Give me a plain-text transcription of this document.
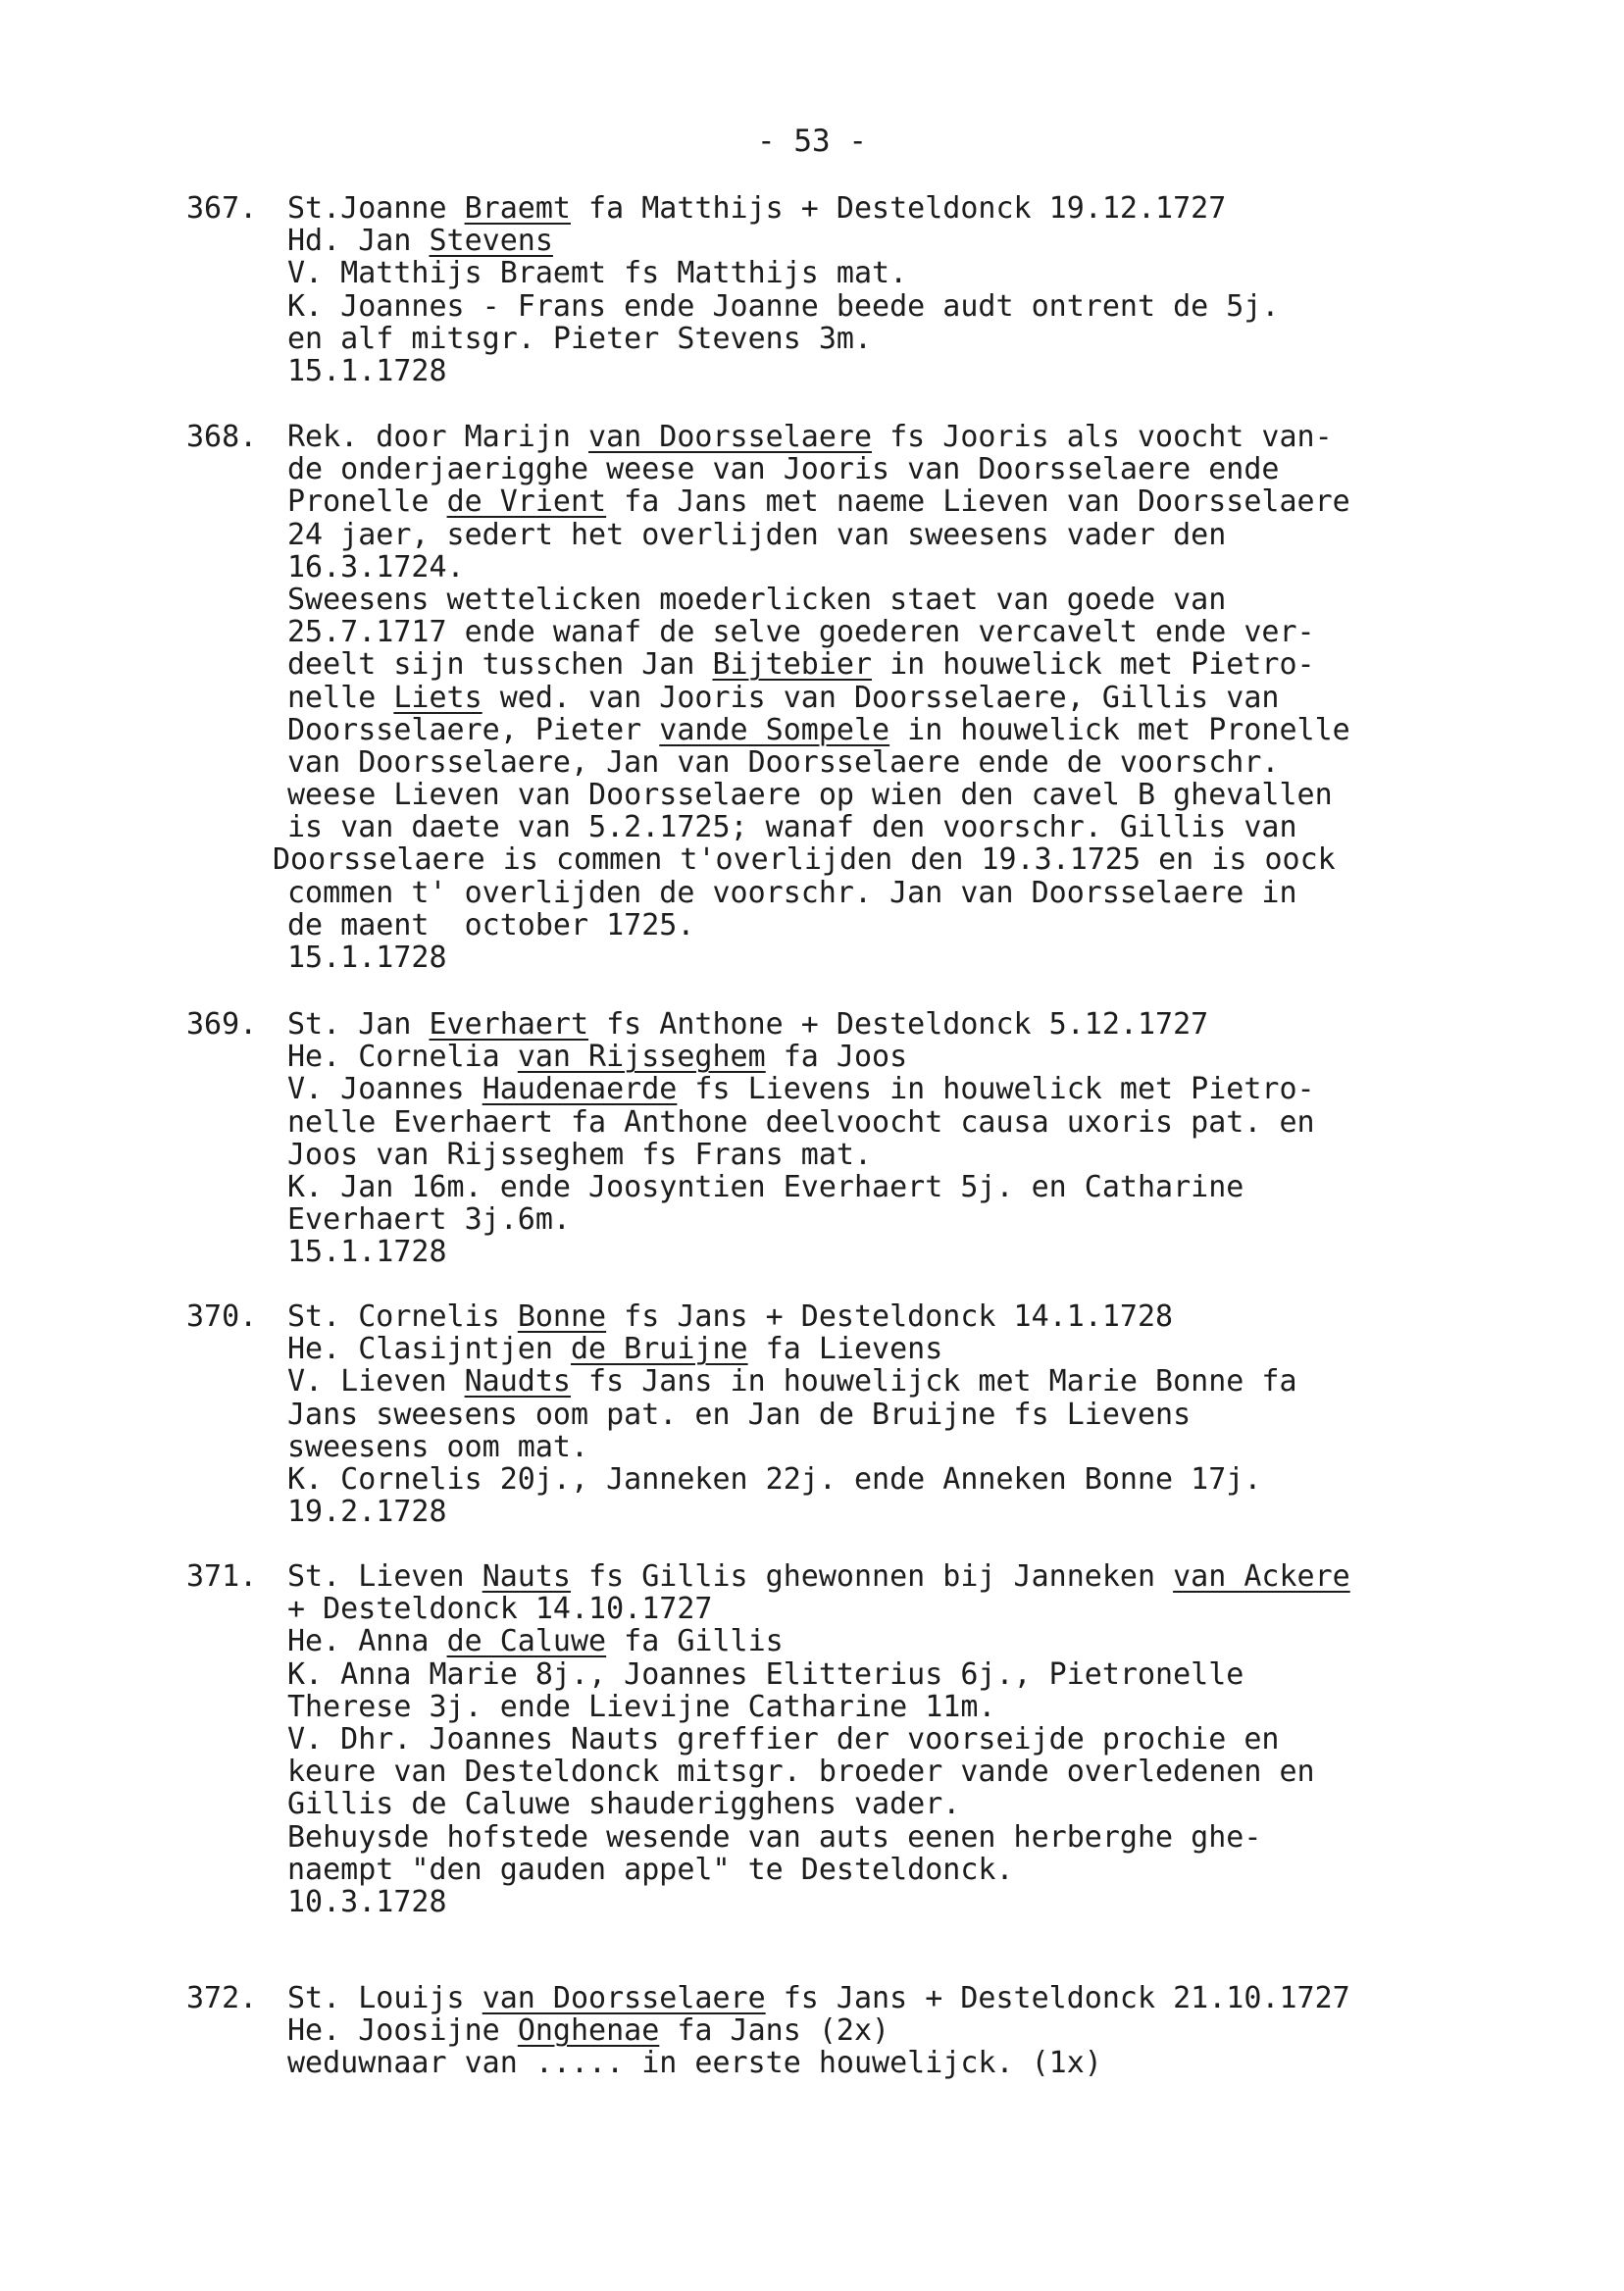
- 53 -
367.	St.Joanne Braemt fa Matthijs + Desteldonck 19.12.1727
Hd. Jan Stevens
V. Matthijs Braemt fs Matthijs mat.
K. Joannes - Frans ende Joanne beede audt ontrent de 5j.
en alf mitsgr. Pieter Stevens 3m.
15.1.1728
368.	Rek. door Marijn van Doorsselaere fs Jooris als voocht van-
de onderjaerigghe weese van Jooris van Doorsselaere ende
Pronelle de Vrient fa Jans met naeme Lieven van Doorsselaere
24 jaer, sedert het overlijden van sweesens vader den
16.3.1724.
Sweesens wettelicken moederlicken staet van goede van
25.7.1717 ende wanaf de selve goederen vercavelt ende ver-
deelt sijn tusschen Jan Bijtebier in houwelick met Pietro-
nelle Liets wed. van Jooris van Doorsselaere, Gillis van
Doorsselaere, Pieter vande Sompele in houwelick met Pronelle
van Doorsselaere, Jan van Doorsselaere ende de voorschr.
weese Lieven van Doorsselaere op wien den cavel B ghevallen
is van daete van 5.2.1725; wanaf den voorschr. Gillis van
Doorsselaere is commen t'overlijden den 19.3.1725 en is oock
commen t' overlijden de voorschr. Jan van Doorsselaere in
de maent  october 1725.
15.1.1728
369.	St. Jan Everhaert fs Anthone + Desteldonck 5.12.1727
He. Cornelia van Rijsseghem fa Joos
V. Joannes Haudenaerde fs Lievens in houwelick met Pietro-
nelle Everhaert fa Anthone deelvoocht causa uxoris pat. en
Joos van Rijsseghem fs Frans mat.
K. Jan 16m. ende Joosyntien Everhaert 5j. en Catharine
Everhaert 3j.6m.
15.1.1728
370.	St. Cornelis Bonne fs Jans + Desteldonck 14.1.1728
He. Clasijntjen de Bruijne fa Lievens
V. Lieven Naudts fs Jans in houwelijck met Marie Bonne fa
Jans sweesens oom pat. en Jan de Bruijne fs Lievens
sweesens oom mat.
K. Cornelis 20j., Janneken 22j. ende Anneken Bonne 17j.
19.2.1728
371.	St. Lieven Nauts fs Gillis ghewonnen bij Janneken van Ackere
+ Desteldonck 14.10.1727
He. Anna de Caluwe fa Gillis
K. Anna Marie 8j., Joannes Elitterius 6j., Pietronelle
Therese 3j. ende Lievijne Catharine 11m.
V. Dhr. Joannes Nauts greffier der voorseijde prochie en
keure van Desteldonck mitsgr. broeder vande overledenen en
Gillis de Caluwe shauderigghens vader.
Behuysde hofstede wesende van auts eenen herberghe ghe-
naempt "den gauden appel" te Desteldonck.
10.3.1728
372.	St. Louijs van Doorsselaere fs Jans + Desteldonck 21.10.1727
He. Joosijne Onghenae fa Jans (2x)
weduwnaar van ..... in eerste houwelijck. (1x)
